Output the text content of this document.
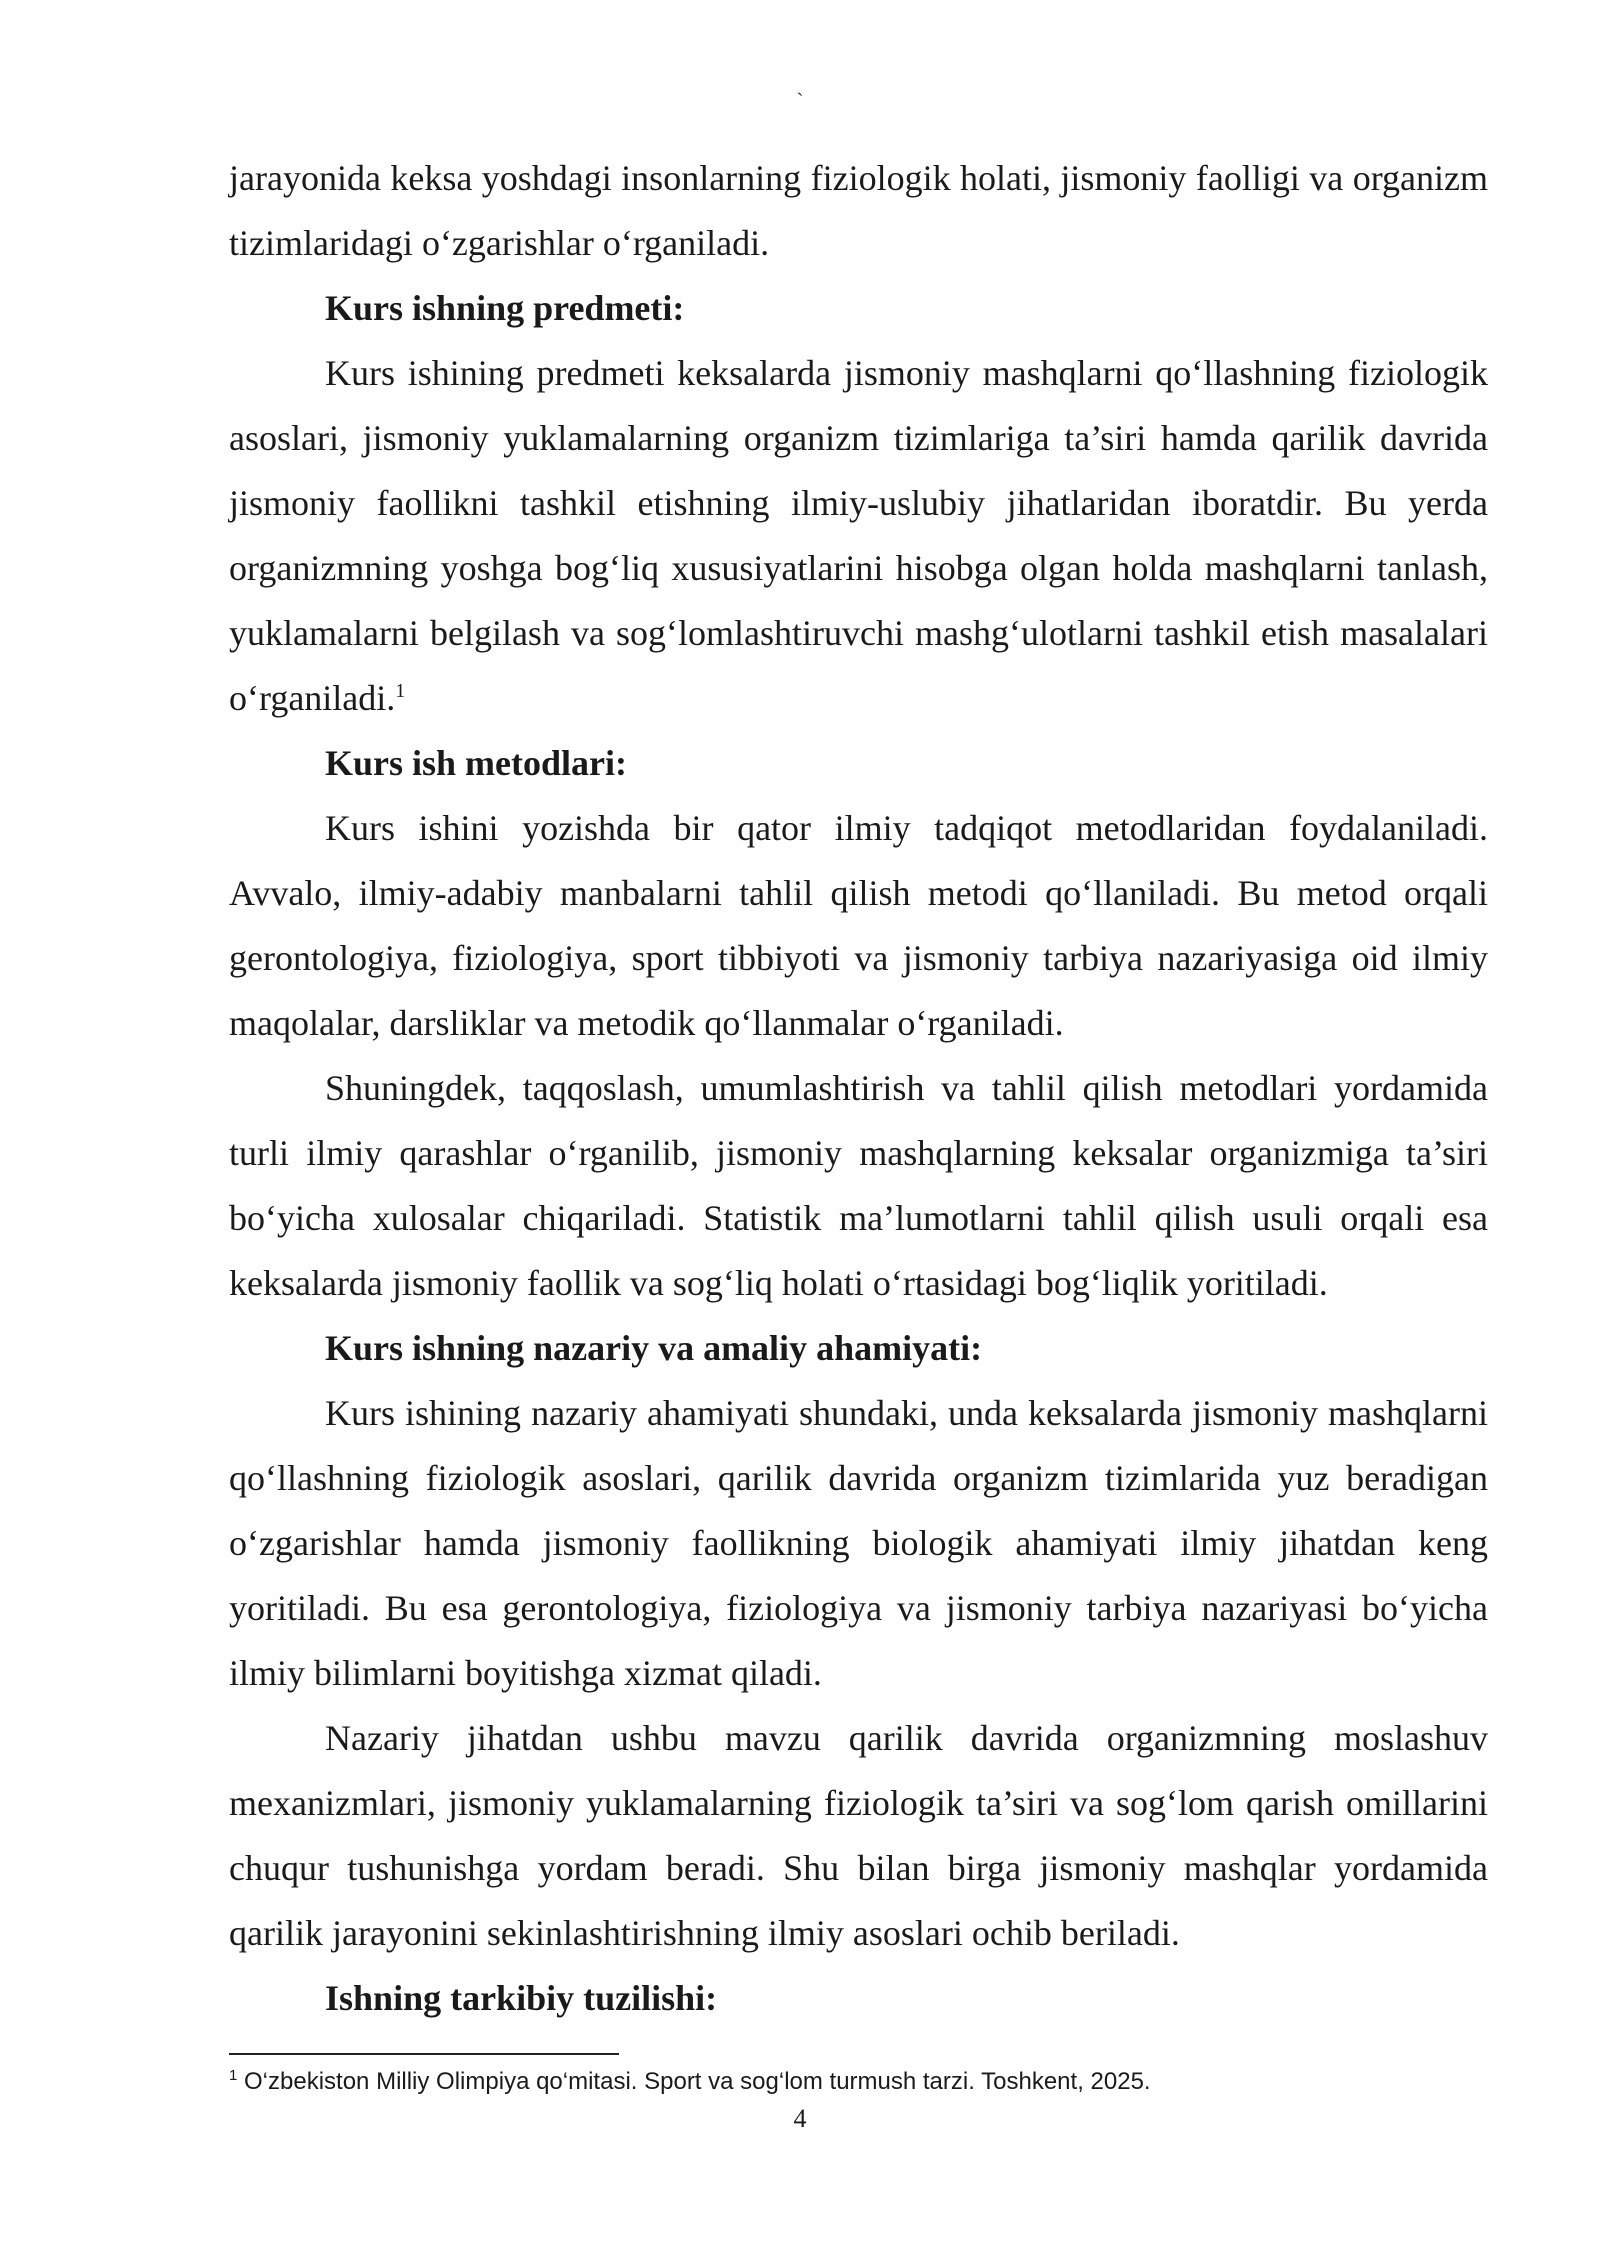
`

jarayonida keksa yoshdagi insonlarning fiziologik holati, jismoniy faolligi va organizm tizimlaridagi o‘zgarishlar o‘rganiladi.

Kurs ishning predmeti:

Kurs ishining predmeti keksalarda jismoniy mashqlarni qo‘llashning fiziologik asoslari, jismoniy yuklamalarning organizm tizimlariga ta’siri hamda qarilik davrida jismoniy faollikni tashkil etishning ilmiy-uslubiy jihatlaridan iboratdir. Bu yerda organizmning yoshga bog‘liq xususiyatlarini hisobga olgan holda mashqlarni tanlash, yuklamalarni belgilash va sog‘lomlashtiruvchi mashg‘ulotlarni tashkil etish masalalari o‘rganiladi.$^1$

Kurs ish metodlari:

Kurs ishini yozishda bir qator ilmiy tadqiqot metodlaridan foydalaniladi. Avvalo, ilmiy-adabiy manbalarni tahlil qilish metodi qo‘llaniladi. Bu metod orqali gerontologiya, fiziologiya, sport tibbiyoti va jismoniy tarbiya nazariyasiga oid ilmiy maqolalar, darsliklar va metodik qo‘llanmalar o‘rganiladi.

Shuningdek, taqqoslash, umumlashtirish va tahlil qilish metodlari yordamida turli ilmiy qarashlar o‘rganilib, jismoniy mashqlarning keksalar organizmiga ta’siri bo‘yicha xulosalar chiqariladi. Statistik ma’lumotlarni tahlil qilish usuli orqali esa keksalarda jismoniy faollik va sog‘liq holati o‘rtasidagi bog‘liqlik yoritiladi.

Kurs ishning nazariy va amaliy ahamiyati:

Kurs ishining nazariy ahamiyati shundaki, unda keksalarda jismoniy mashqlarni qo‘llashning fiziologik asoslari, qarilik davrida organizm tizimlarida yuz beradigan o‘zgarishlar hamda jismoniy faollikning biologik ahamiyati ilmiy jihatdan keng yoritiladi. Bu esa gerontologiya, fiziologiya va jismoniy tarbiya nazariyasi bo‘yicha ilmiy bilimlarni boyitishga xizmat qiladi.

Nazariy jihatdan ushbu mavzu qarilik davrida organizmning moslashuv mexanizmlari, jismoniy yuklamalarning fiziologik ta’siri va sog‘lom qarish omillarini chuqur tushunishga yordam beradi. Shu bilan birga jismoniy mashqlar yordamida qarilik jarayonini sekinlashtirishning ilmiy asoslari ochib beriladi.

Ishning tarkibiy tuzilishi:

$^1$ O‘zbekiston Milliy Olimpiya qo‘mitasi. Sport va sog‘lom turmush tarzi. Toshkent, 2025.
4
